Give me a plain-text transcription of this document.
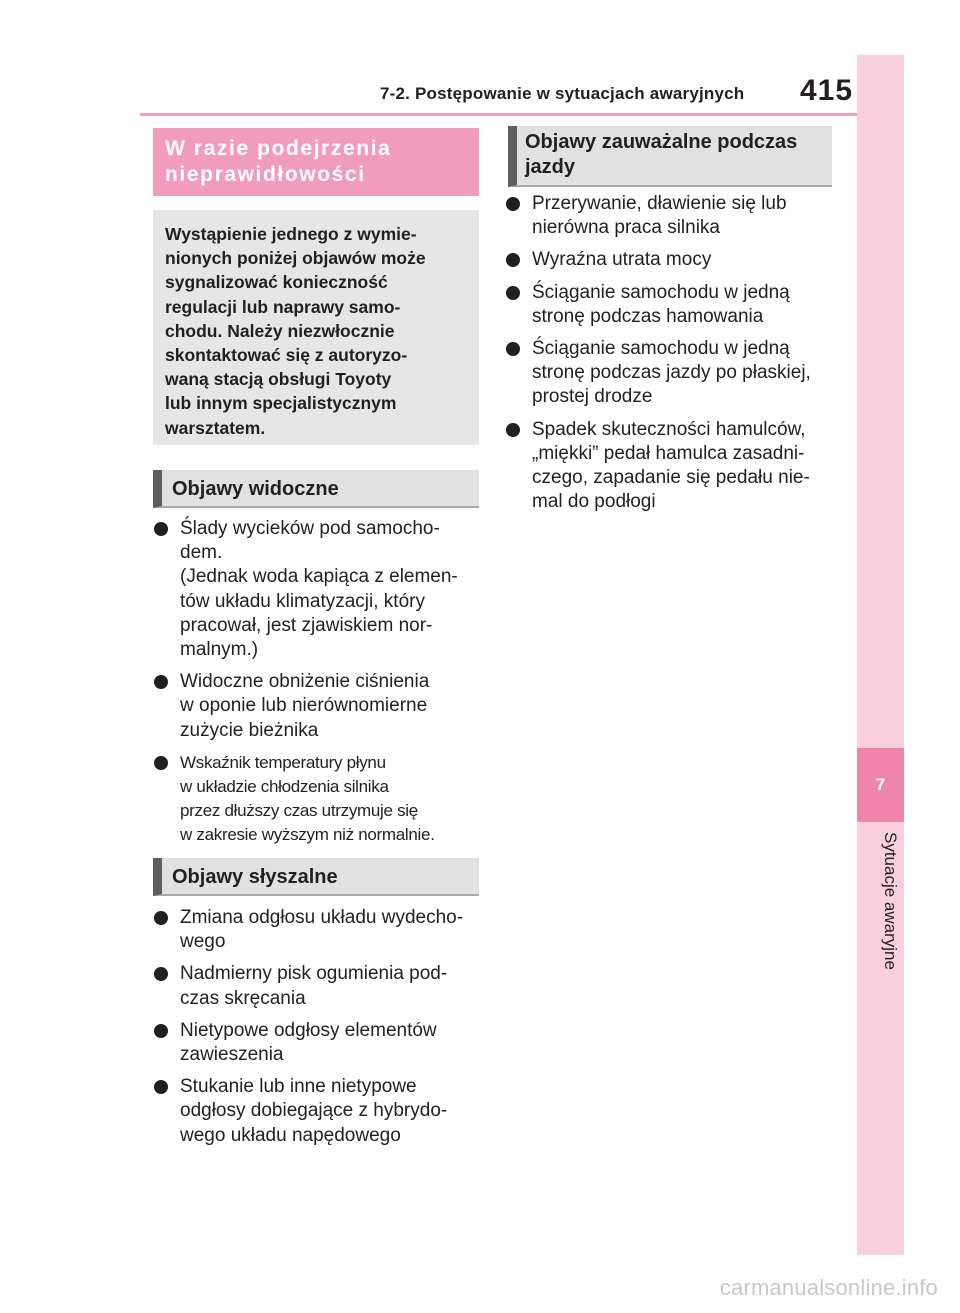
7-2. Postępowanie w sytuacjach awaryjnych 415
7
Sytuacje awaryjne
W razie podejrzenia
nieprawidłowości
Wystąpienie jednego z wymie-
nionych poniżej objawów może
sygnalizować konieczność
regulacji lub naprawy samo-
chodu. Należy niezwłocznie
skontaktować się z autoryzo-
waną stacją obsługi Toyoty
lub innym specjalistycznym
warsztatem.
Objawy widoczne
Ślady wycieków pod samocho-
dem.
(Jednak woda kapiąca z elemen-
tów układu klimatyzacji, który
pracował, jest zjawiskiem nor-
malnym.)
Widoczne obniżenie ciśnienia
w oponie lub nierównomierne
zużycie bieżnika
Wskaźnik temperatury płynu
w układzie chłodzenia silnika
przez dłuższy czas utrzymuje się
w zakresie wyższym niż normalnie.
Objawy słyszalne
Zmiana odgłosu układu wydecho-
wego
Nadmierny pisk ogumienia pod-
czas skręcania
Nietypowe odgłosy elementów
zawieszenia
Stukanie lub inne nietypowe
odgłosy dobiegające z hybrydo-
wego układu napędowego
Objawy zauważalne podczas
jazdy
Przerywanie, dławienie się lub
nierówna praca silnika
Wyraźna utrata mocy
Ściąganie samochodu w jedną
stronę podczas hamowania
Ściąganie samochodu w jedną
stronę podczas jazdy po płaskiej,
prostej drodze
Spadek skuteczności hamulców,
„miękki” pedał hamulca zasadni-
czego, zapadanie się pedału nie-
mal do podłogi
carmanualsonline.info
